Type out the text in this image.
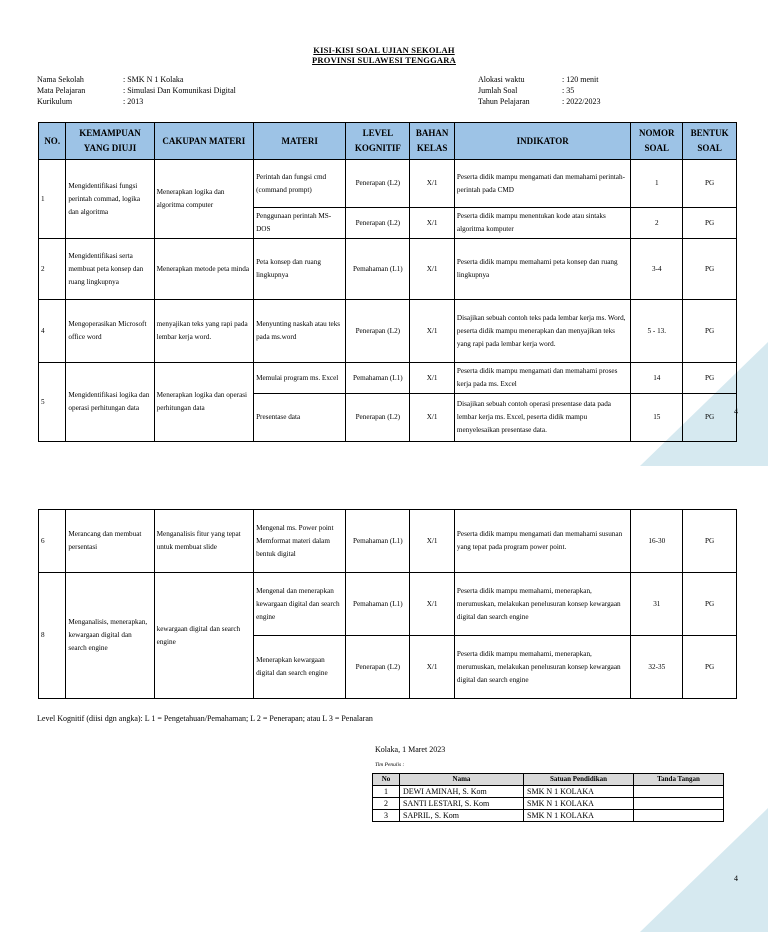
KISI-KISI SOAL UJIAN SEKOLAH
PROVINSI SULAWESI TENGGARA
Nama Sekolah	: SMK N 1 Kolaka
Mata Pelajaran	: Simulasi Dan Komunikasi Digital
Kurikulum	: 2013
Alokasi waktu	: 120 menit
Jumlah Soal	: 35
Tahun Pelajaran	: 2022/2023
NO.	KEMAMPUAN YANG DIUJI	CAKUPAN MATERI	MATERI	LEVEL KOGNITIF	BAHAN KELAS	INDIKATOR	NOMOR SOAL	BENTUK SOAL
1	Mengidentifikasi fungsi perintah commad, logika dan algoritma	Menerapkan logika dan algoritma computer	Perintah dan fungsi cmd (command prompt)	Penerapan (L2)	X/1	Peserta didik mampu mengamati dan memahami perintah-perintah pada CMD	1	PG
			Penggunaan perintah MS-DOS	Penerapan (L2)	X/1	Peserta didik mampu menentukan kode atau sintaks algoritma komputer	2	PG
2	Mengidentifikasi serta membuat peta konsep dan ruang lingkupnya	Menerapkan metode peta minda	Peta konsep dan ruang lingkupnya	Pemahaman (L1)	X/1	Peserta didik mampu memahami peta konsep dan ruang lingkupnya	3-4	PG
4	Mengoperasikan Microsoft office word	menyajikan teks yang rapi pada lembar kerja word.	Menyunting naskah atau teks pada ms.word	Penerapan (L2)	X/1	Disajikan sebuah contoh teks pada lembar kerja ms. Word, peserta didik mampu menerapkan dan menyajikan teks yang rapi pada lembar kerja word.	5 - 13.	PG
5	Mengidentifikasi logika dan operasi perhitungan data	Menerapkan logika dan operasi perhitungan data	Memulai program ms. Excel	Pemahaman (L1)	X/1	Peserta didik mampu mengamati dan memahami proses kerja pada ms. Excel	14	PG
			Presentase data	Penerapan (L2)	X/1	Disajikan sebuah contoh operasi presentase data pada lembar kerja ms. Excel, peserta didik mampu menyelesaikan presentase data.	15	PG
4
6	Merancang dan membuat persentasi	Menganalisis fitur yang tepat untuk membuat slide	Mengenal ms. Power point Memformat materi dalam bentuk digital	Pemahaman (L1)	X/1	Peserta didik mampu mengamati dan memahami susunan yang tepat pada program power point.	16-30	PG
8	Menganalisis, menerapkan, kewargaan digital dan search engine	kewargaan digital dan search engine	Mengenal dan menerapkan kewargaan digital dan search engine	Pemahaman (L1)	X/1	Peserta didik mampu memahami, menerapkan, merumuskan, melakukan penelusuran konsep kewargaan digital dan search engine	31	PG
			Menerapkan kewargaan digital dan search engine	Penerapan (L2)	X/1	Peserta didik mampu memahami, menerapkan, merumuskan, melakukan penelusuran konsep kewargaan digital dan search engine	32-35	PG
Level Kognitif (diisi dgn angka): L 1 = Pengetahuan/Pemahaman; L 2 = Penerapan; atau L 3 = Penalaran
Kolaka, 1 Maret 2023
Tim Penulis :
No	Nama	Satuan Pendidikan	Tanda Tangan
1	DEWI AMINAH, S. Kom	SMK N 1 KOLAKA	
2	SANTI LESTARI, S. Kom	SMK N 1 KOLAKA	
3	SAPRIL, S. Kom	SMK N 1 KOLAKA	
4
